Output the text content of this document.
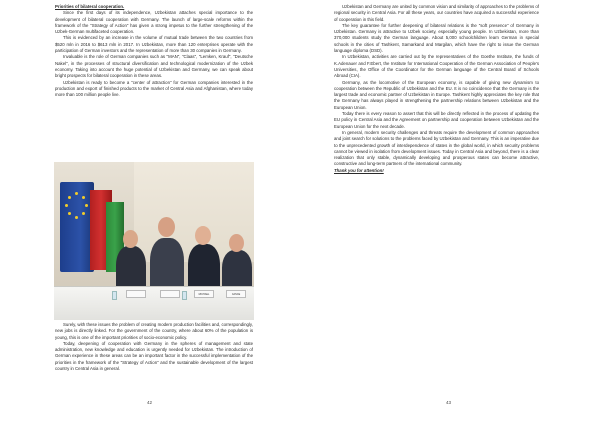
Priorities of bilateral cooperation.

Since the first days of its independence, Uzbekistan attaches special importance to the development of bilateral cooperation with Germany. The launch of large-scale reforms within the framework of the "Strategy of Action" has given a strong impetus to the further strengthening of the Uzbek-German multifaceted cooperation.

This is evidenced by an increase in the volume of mutual trade between the two countries from $520 mln in 2016 to $613 mln in 2017. In Uzbekistan, more than 120 enterprises operate with the participation of German investors and the representation of more than 30 companies in Germany.

Invaluable is the role of German companies such as "MAN", "Claas", "Lemken, Krauf", "Deutsche Nakel", in the processes of structural diversification and technological modernization of the Uzbek economy. Taking into account the huge potential of Uzbekistan and Germany, we can speak about bright prospects for bilateral cooperation in these areas.

Uzbekistan is ready to become a "center of attraction" for German companies interested in the production and export of finished products to the market of Central Asia and Afghanistan, where today more than 100 million people live.

MICHAEL	CANCE

Surely, with these issues the problem of creating modern production facilities and, correspondingly, new jobs is directly linked. For the government of the country, where about 60% of the population is young, this is one of the important priorities of socio-economic policy.

Today, deepening of cooperation with Germany in the spheres of management and state administration, new knowledge and education is urgently needed for Uzbekistan. The introduction of German experience in these areas can be an important factor in the successful implementation of the priorities in the framework of the "Strategy of Action" and the sustainable development of the largest country in Central Asia in general.

42

Uzbekistan and Germany are united by common vision and similarity of approaches to the problems of regional security in Central Asia. For all these years, our countries have acquired a successful experience of cooperation in this field.

The key guarantee for further deepening of bilateral relations is the "soft presence" of Germany in Uzbekistan. Germany is attractive to Uzbek society, especially young people. In Uzbekistan, more than 370,000 students study the German language. About 5,000 schoolchildren learn German in special schools in the cities of Tashkent, Samarkand and Margilan, which have the right to issue the German language diploma (DSD).

In Uzbekistan, activities are carried out by the representatives of the Goethe Institute, the funds of K.Adenauer and F.Ebert, the Institute for International Cooperation of the German Association of People's Universities, the Office of the Coordinator for the German language of the Central Board of Schools Abroad (CIA).

Germany, as the locomotive of the European economy, is capable of giving new dynamism to cooperation between the Republic of Uzbekistan and the EU. It is no coincidence that the Germany is the largest trade and economic partner of Uzbekistan in Europe. Tashkent highly appreciates the key role that the Germany has always played in strengthening the partnership relations between Uzbekistan and the European Union.

Today there is every reason to assert that this will be directly reflected in the process of updating the EU policy in Central Asia and the Agreement on partnership and cooperation between Uzbekistan and the European Union for the next decade.

In general, modern security challenges and threats require the development of common approaches and joint search for solutions to the problems faced by Uzbekistan and Germany. This is an imperative due to the unprecedented growth of interdependence of states in the global world, in which security problems cannot be viewed in isolation from development issues. Today in Central Asia and beyond, there is a clear realization that only stable, dynamically developing and prosperous states can become attractive, constructive and long-term partners of the international community.

Thank you for attention!

43
